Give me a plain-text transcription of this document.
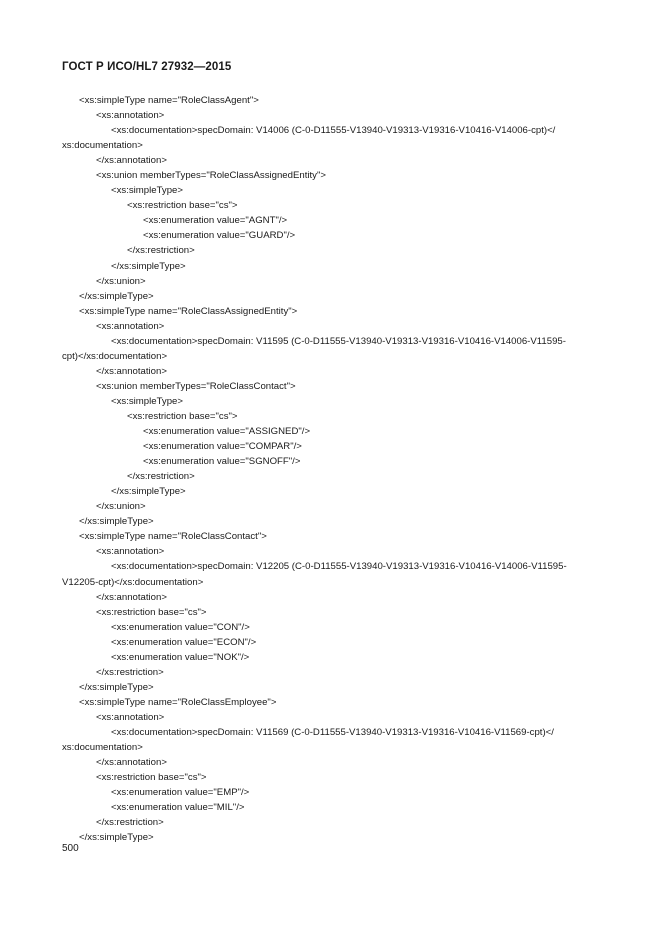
ГОСТ Р ИСО/HL7 27932—2015
<xs:simpleType name="RoleClassAgent">
<xs:annotation>
<xs:documentation>specDomain: V14006 (C-0-D11555-V13940-V19313-V19316-V10416-V14006-cpt)</
xs:documentation>
</xs:annotation>
<xs:union memberTypes="RoleClassAssignedEntity">
<xs:simpleType>
<xs:restriction base="cs">
<xs:enumeration value="AGNT"/>
<xs:enumeration value="GUARD"/>
</xs:restriction>
</xs:simpleType>
</xs:union>
</xs:simpleType>
<xs:simpleType name="RoleClassAssignedEntity">
<xs:annotation>
<xs:documentation>specDomain: V11595 (C-0-D11555-V13940-V19313-V19316-V10416-V14006-V11595-
cpt)</xs:documentation>
</xs:annotation>
<xs:union memberTypes="RoleClassContact">
<xs:simpleType>
<xs:restriction base="cs">
<xs:enumeration value="ASSIGNED"/>
<xs:enumeration value="COMPAR"/>
<xs:enumeration value="SGNOFF"/>
</xs:restriction>
</xs:simpleType>
</xs:union>
</xs:simpleType>
<xs:simpleType name="RoleClassContact">
<xs:annotation>
<xs:documentation>specDomain: V12205 (C-0-D11555-V13940-V19313-V19316-V10416-V14006-V11595-
V12205-cpt)</xs:documentation>
</xs:annotation>
<xs:restriction base="cs">
<xs:enumeration value="CON"/>
<xs:enumeration value="ECON"/>
<xs:enumeration value="NOK"/>
</xs:restriction>
</xs:simpleType>
<xs:simpleType name="RoleClassEmployee">
<xs:annotation>
<xs:documentation>specDomain: V11569 (C-0-D11555-V13940-V19313-V19316-V10416-V11569-cpt)</
xs:documentation>
</xs:annotation>
<xs:restriction base="cs">
<xs:enumeration value="EMP"/>
<xs:enumeration value="MIL"/>
</xs:restriction>
</xs:simpleType>
500
